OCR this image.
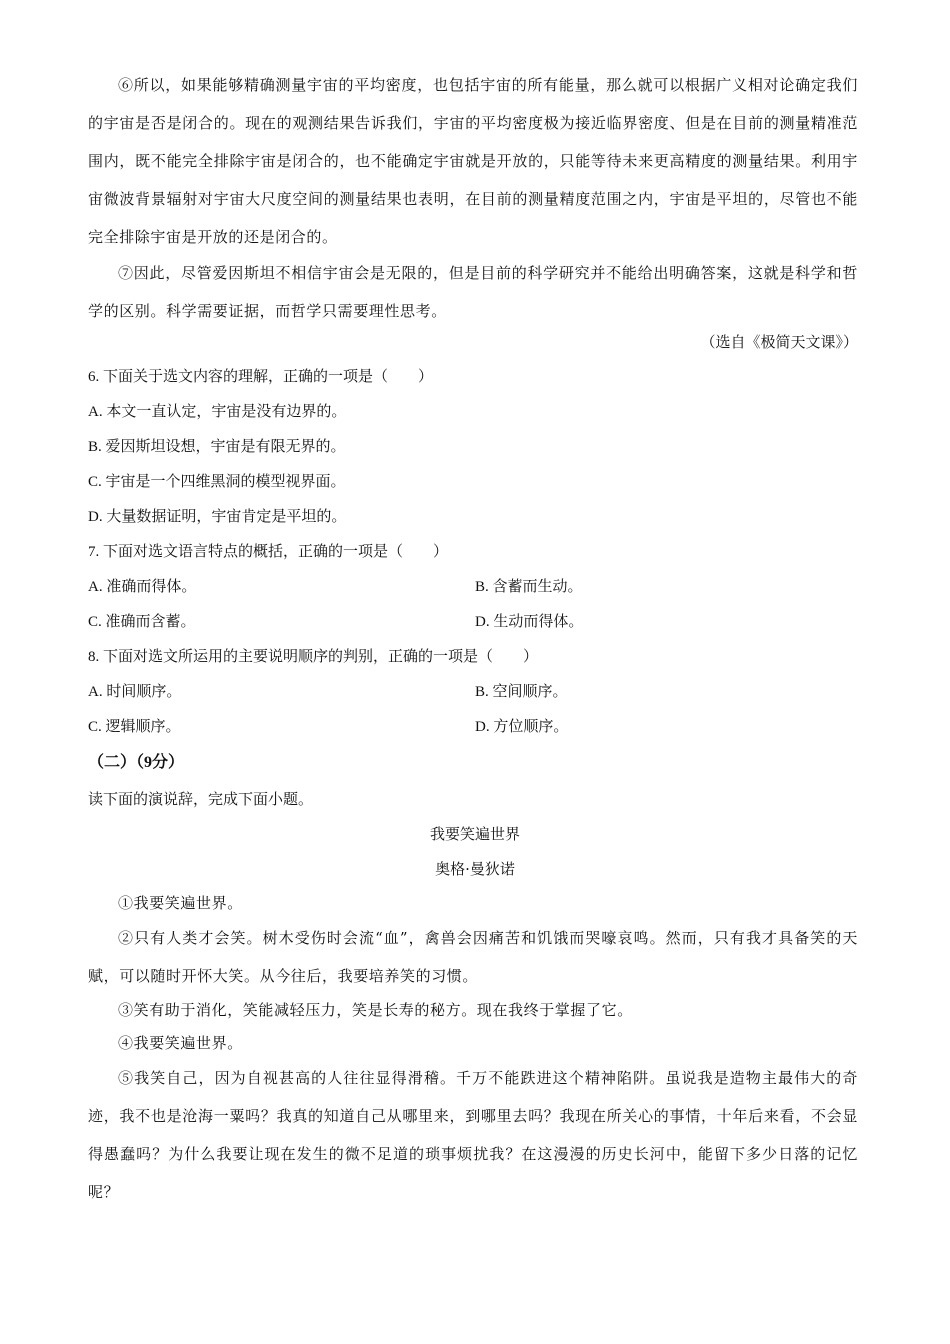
⑥所以，如果能够精确测量宇宙的平均密度，也包括宇宙的所有能量，那么就可以根据广义相对论确定我们的宇宙是否是闭合的。现在的观测结果告诉我们，宇宙的平均密度极为接近临界密度、但是在目前的测量精准范围内，既不能完全排除宇宙是闭合的，也不能确定宇宙就是开放的，只能等待未来更高精度的测量结果。利用宇宙微波背景辐射对宇宙大尺度空间的测量结果也表明，在目前的测量精度范围之内，宇宙是平坦的，尽管也不能完全排除宇宙是开放的还是闭合的。

⑦因此，尽管爱因斯坦不相信宇宙会是无限的，但是目前的科学研究并不能给出明确答案，这就是科学和哲学的区别。科学需要证据，而哲学只需要理性思考。

（选自《极简天文课》）
6. 下面关于选文内容的理解，正确的一项是（　　）
A. 本文一直认定，宇宙是没有边界的。
B. 爱因斯坦设想，宇宙是有限无界的。
C. 宇宙是一个四维黑洞的模型视界面。
D. 大量数据证明，宇宙肯定是平坦的。
7. 下面对选文语言特点的概括，正确的一项是（　　）
A. 准确而得体。	B. 含蓄而生动。
C. 准确而含蓄。	D. 生动而得体。
8. 下面对选文所运用的主要说明顺序的判别，正确的一项是（　　）
A. 时间顺序。	B. 空间顺序。
C. 逻辑顺序。	D. 方位顺序。
（二）（9分）
读下面的演说辞，完成下面小题。
我要笑遍世界
奥格·曼狄诺

①我要笑遍世界。

②只有人类才会笑。树木受伤时会流“血”，禽兽会因痛苦和饥饿而哭嚎哀鸣。然而，只有我才具备笑的天赋，可以随时开怀大笑。从今往后，我要培养笑的习惯。

③笑有助于消化，笑能减轻压力，笑是长寿的秘方。现在我终于掌握了它。

④我要笑遍世界。

⑤我笑自己，因为自视甚高的人往往显得滑稽。千万不能跌进这个精神陷阱。虽说我是造物主最伟大的奇迹，我不也是沧海一粟吗？我真的知道自己从哪里来，到哪里去吗？我现在所关心的事情，十年后来看，不会显得愚蠢吗？为什么我要让现在发生的微不足道的琐事烦扰我？在这漫漫的历史长河中，能留下多少日落的记忆呢？
